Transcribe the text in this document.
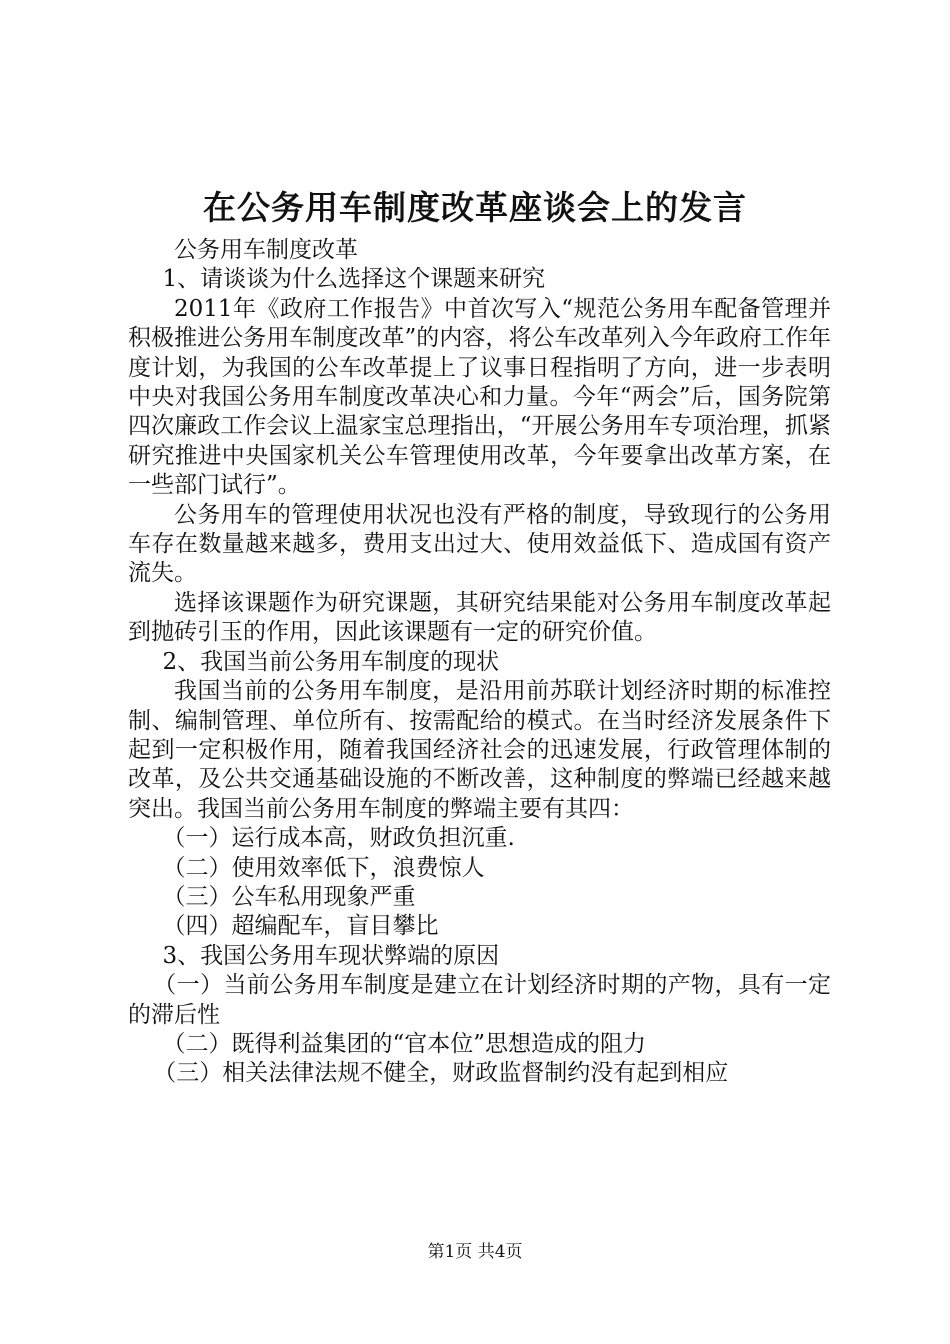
在公务用车制度改革座谈会上的发言

公务用车制度改革

1、请谈谈为什么选择这个课题来研究

2011年《政府工作报告》中首次写入“规范公务用车配备管理并积极推进公务用车制度改革”的内容，将公车改革列入今年政府工作年度计划，为我国的公车改革提上了议事日程指明了方向，进一步表明中央对我国公务用车制度改革决心和力量。今年“两会”后，国务院第四次廉政工作会议上温家宝总理指出，“开展公务用车专项治理，抓紧研究推进中央国家机关公车管理使用改革，今年要拿出改革方案，在一些部门试行”。

公务用车的管理使用状况也没有严格的制度，导致现行的公务用车存在数量越来越多，费用支出过大、使用效益低下、造成国有资产流失。

选择该课题作为研究课题，其研究结果能对公务用车制度改革起到抛砖引玉的作用，因此该课题有一定的研究价值。

2、我国当前公务用车制度的现状

我国当前的公务用车制度，是沿用前苏联计划经济时期的标准控制、编制管理、单位所有、按需配给的模式。在当时经济发展条件下起到一定积极作用，随着我国经济社会的迅速发展，行政管理体制的改革，及公共交通基础设施的不断改善，这种制度的弊端已经越来越突出。我国当前公务用车制度的弊端主要有其四：

（一）运行成本高，财政负担沉重.

（二）使用效率低下，浪费惊人

（三）公车私用现象严重

（四）超编配车，盲目攀比

3、我国公务用车现状弊端的原因

（一）当前公务用车制度是建立在计划经济时期的产物，具有一定的滞后性

（二）既得利益集团的“官本位”思想造成的阻力

（三）相关法律法规不健全，财政监督制约没有起到相应

第1页 共4页
